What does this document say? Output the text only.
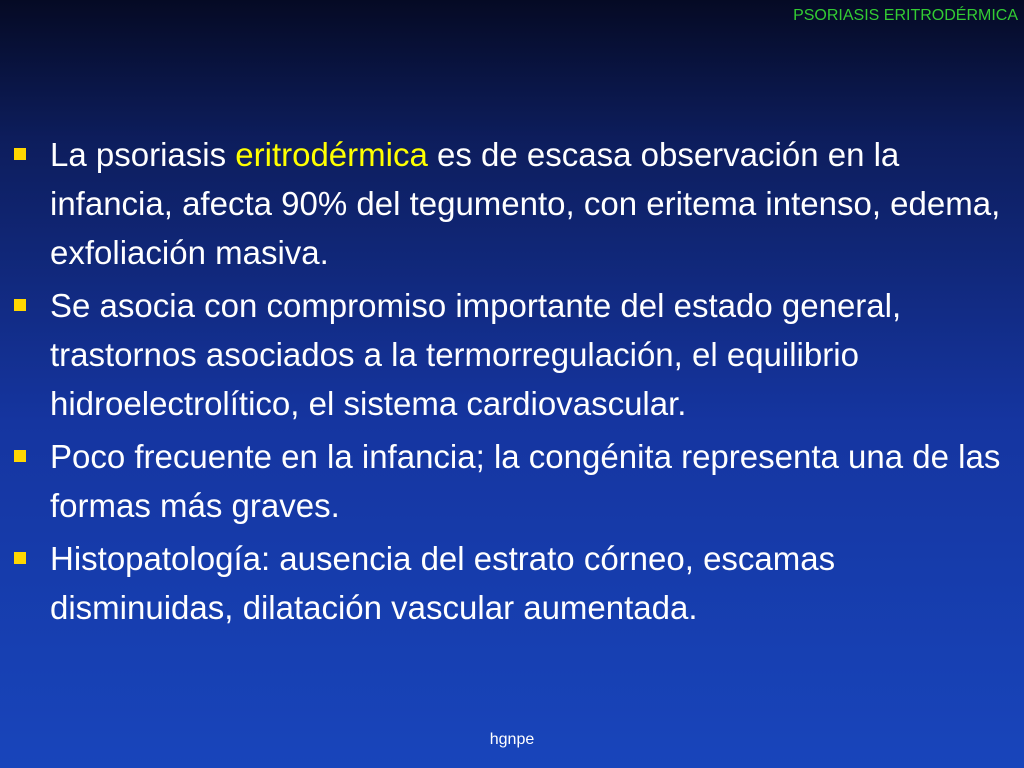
PSORIASIS ERITRODÉRMICA
La psoriasis eritrodérmica es de escasa observación en la infancia, afecta 90% del tegumento, con eritema intenso, edema, exfoliación masiva.
Se asocia con compromiso importante del estado general, trastornos asociados a la termorregulación, el equilibrio hidroelectrolítico, el sistema cardiovascular.
Poco frecuente en la infancia; la congénita representa una de las formas más graves.
Histopatología: ausencia del estrato córneo, escamas disminuidas, dilatación vascular aumentada.
hgnpe
